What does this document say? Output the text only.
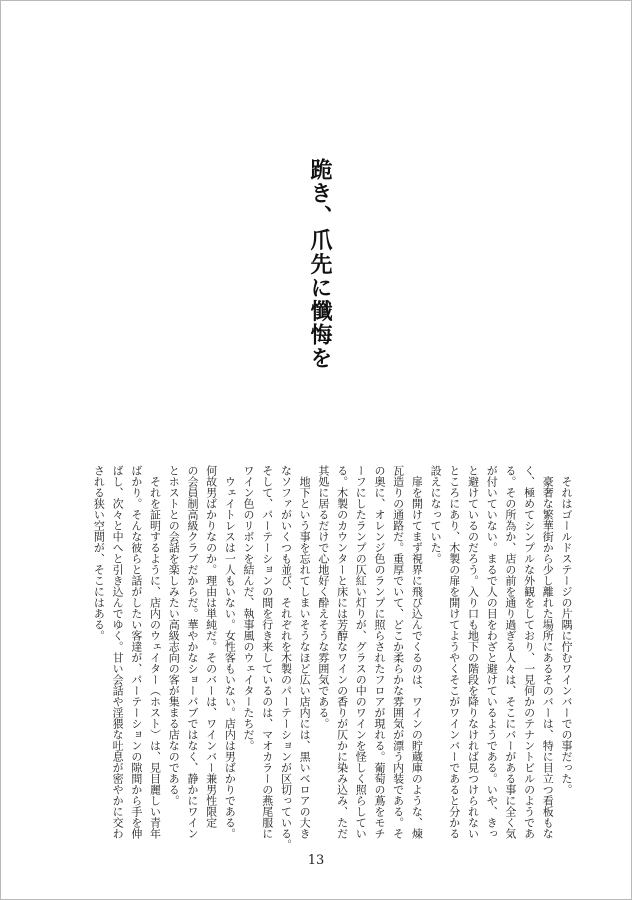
跪き、爪先に懺悔を
それはゴールドステージの片隅に佇むワインバーでの事だった。
豪奢な繁華街から少し離れた場所にあるそのバーは、特に目立つ看板もな
く、極めてシンプルな外観をしており、一見何かのテナントビルのようであ
る。その所為か、店の前を通り過ぎる人々は、そこにバーがある事に全く気
が付いていない。まるで人の目をわざと避けているようである。いや、きっ
と避けているのだろう。入り口も地下の階段を降りなければ見つけられない
ところにあり、木製の扉を開けてようやくそこがワインバーであると分かる
設えになっていた。
扉を開けてまず視界に飛び込んでくるのは、ワインの貯蔵庫のような、煉
瓦造りの通路だ。重厚でいて、どこか柔らかな雰囲気が漂う内装である。そ
の奥に、オレンジ色のランプに照らされたフロアが現れる。葡萄の蔦をモチ
ーフにしたランプの仄紅い灯りが、グラスの中のワインを怪しく照らしてい
る。木製のカウンターと床には芳醇なワインの香りが仄かに染み込み、ただ
其処に居るだけで心地好く酔えそうな雰囲気である。
地下という事を忘れてしまいそうなほど広い店内には、黒いベロアの大き
なソファがいくつも並び、それぞれを木製のパーテーションが区切っている。
そして、パーテーションの間を行き来しているのは、マオカラーの燕尾服に
ワイン色のリボンを結んだ、執事風のウェイターたちだ。
ウェイトレスは一人もいない。女性客もいない。店内は男ばかりである。
何故男ばかりなのか。理由は単純だ。そのバーは、ワインバー兼男性限定
の会員制高級クラブだからだ。華やかなショーパブではなく、静かにワイン
とホストとの会話を楽しみたい高級志向の客が集まる店なのである。
それを証明するように、店内のウェイター（ホスト）は、見目麗しい青年
ばかり。そんな彼らと話がしたい客達が、パーテーションの隙間から手を伸
ばし、次々と中へと引き込んでゆく。甘い会話や淫猥な吐息が密やかに交わ
される狭い空間が、そこにはある。
13
